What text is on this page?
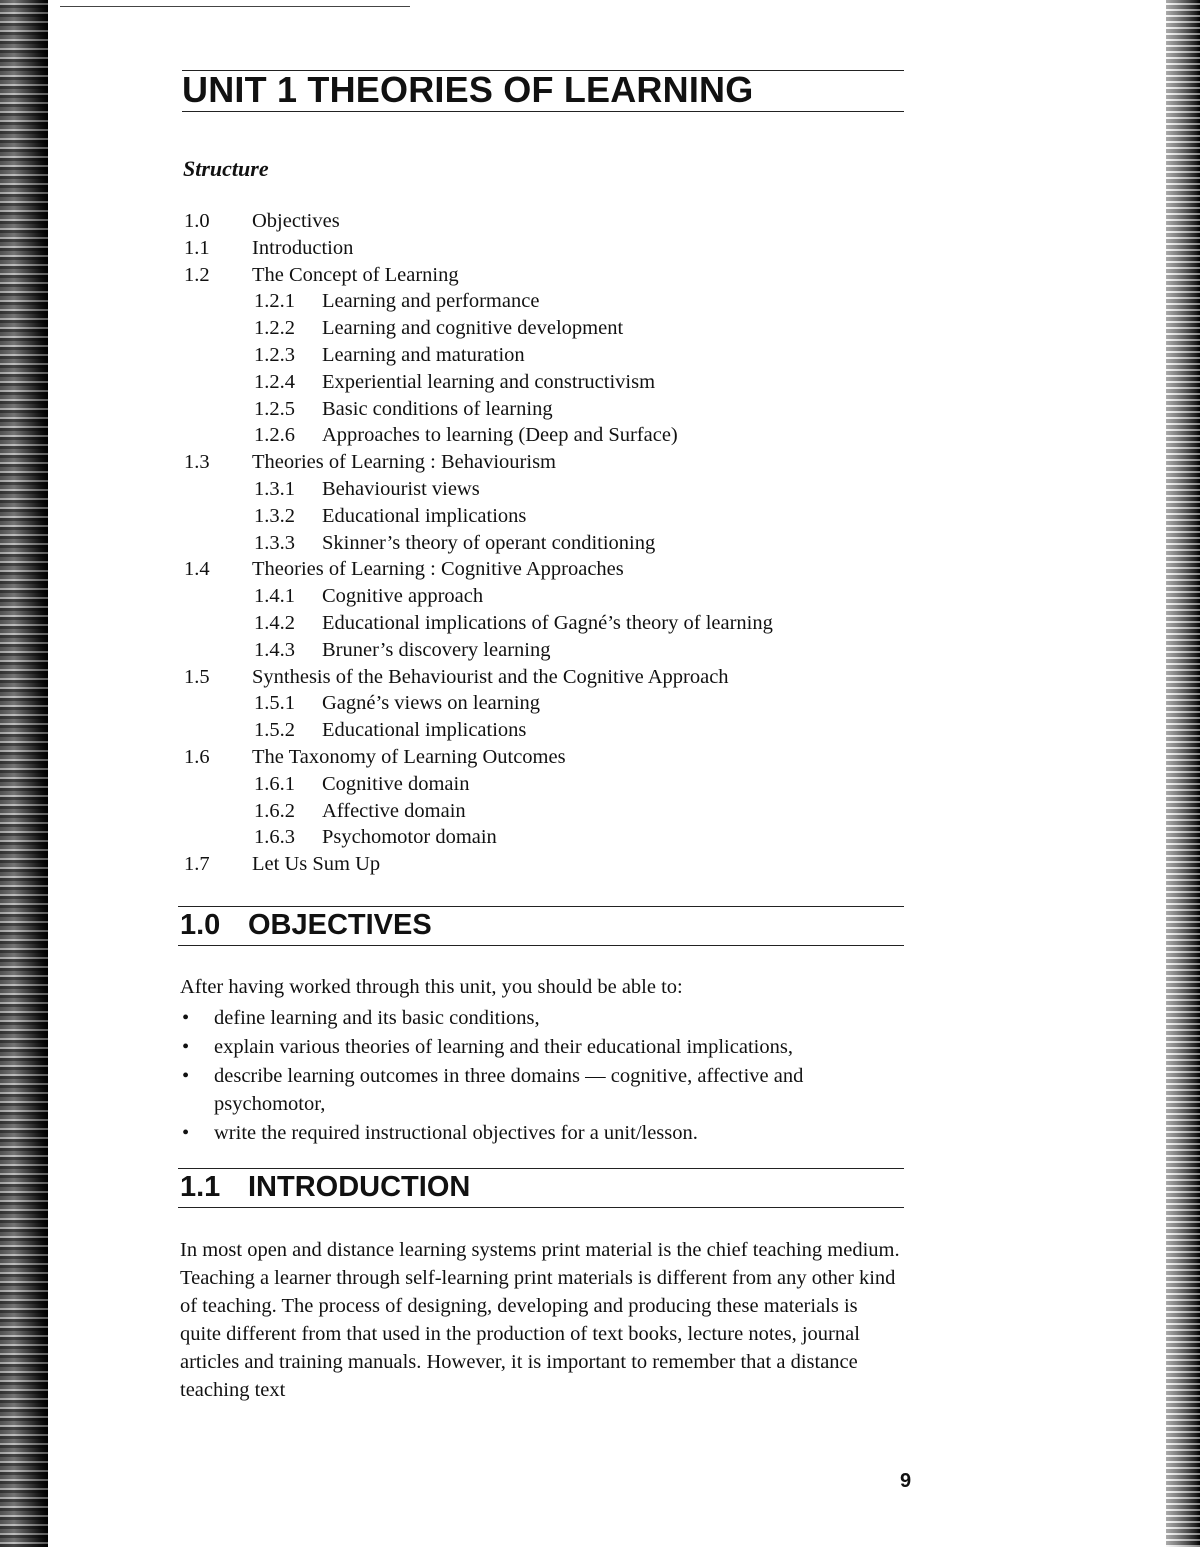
UNIT 1 THEORIES OF LEARNING
Structure
1.0 Objectives
1.1 Introduction
1.2 The Concept of Learning
1.2.1 Learning and performance
1.2.2 Learning and cognitive development
1.2.3 Learning and maturation
1.2.4 Experiential learning and constructivism
1.2.5 Basic conditions of learning
1.2.6 Approaches to learning (Deep and Surface)
1.3 Theories of Learning : Behaviourism
1.3.1 Behaviourist views
1.3.2 Educational implications
1.3.3 Skinner’s theory of operant conditioning
1.4 Theories of Learning : Cognitive Approaches
1.4.1 Cognitive approach
1.4.2 Educational implications of Gagné’s theory of learning
1.4.3 Bruner’s discovery learning
1.5 Synthesis of the Behaviourist and the Cognitive Approach
1.5.1 Gagné’s views on learning
1.5.2 Educational implications
1.6 The Taxonomy of Learning Outcomes
1.6.1 Cognitive domain
1.6.2 Affective domain
1.6.3 Psychomotor domain
1.7 Let Us Sum Up
1.0 OBJECTIVES
After having worked through this unit, you should be able to:
• define learning and its basic conditions,
• explain various theories of learning and their educational implications,
• describe learning outcomes in three domains — cognitive, affective and psychomotor,
• write the required instructional objectives for a unit/lesson.
1.1 INTRODUCTION
In most open and distance learning systems print material is the chief teaching medium. Teaching a learner through self-learning print materials is different from any other kind of teaching. The process of designing, developing and producing these materials is quite different from that used in the production of text books, lecture notes, journal articles and training manuals. However, it is important to remember that a distance teaching text
9
